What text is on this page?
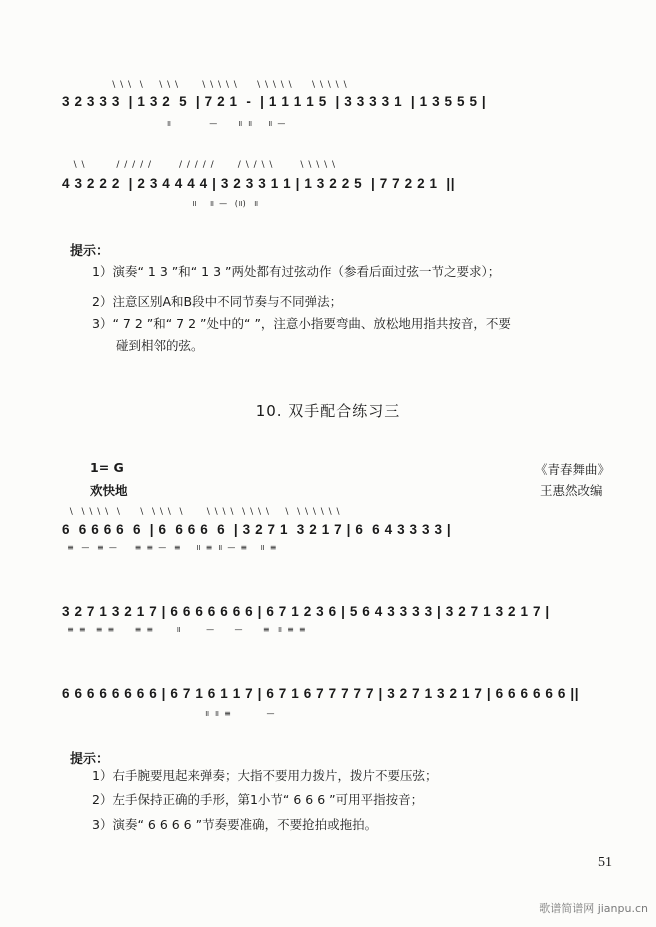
\ \ \  \    \ \ \      \ \ \ \ \     \ \ \ \ \     \ \ \ \ \
3 2 3 3 3  | 1 3 2  5  | 7 2 1  -  | 1 1 1 1 5  | 3 3 3 3 1  | 1 3 5 5 5 |
॥               —        ॥  ॥      ॥  —
\ \        / / / / /       / / / / /      / \ / \ \       \ \ \ \ \
4 3 2 2 2  | 2 3 4 4 4 4 | 3 2 3 3 1 1 | 1 3 2 2 5  | 7 7 2 2 1  ||
॥     ॥  —   (॥)   ॥
提示：
1）演奏“ 1 3 ”和“ 1 3 ”两处都有过弦动作（参看后面过弦一节之要求）；
2）注意区别A和B段中不同节奏与不同弹法；
3）“ 7 2 ”和“ 7 2 ”处中的“ ”，注意小指要弯曲、放松地用指共按音，不要
碰到相邻的弦。
10. 双手配合练习三
1= G	《青春舞曲》
欢快地	王惠然改编
\  \ \ \ \  \     \  \ \ \  \      \ \ \ \  \ \ \ \    \  \ \ \ \ \ \
6  6 6 6 6  6  | 6  6 6 6  6  | 3 2 7 1  3 2 1 7 | 6  6 4 3 3 3 3 |
≡   —   ≡  —       ≡  ≡  —   ≡      ॥  ≡  ॥  —  ≡     ॥  ≡
3 2 7 1 3 2 1 7 | 6 6 6 6 6 6 6 | 6 7 1 2 3 6 | 5 6 4 3 3 3 3 | 3 2 7 1 3 2 1 7 |
≡  ≡    ≡  ≡        ≡  ≡         ॥          —        —        ≡   ॥  ≡  ≡
6 6 6 6 6 6 6 6 | 6 7 1 6 1 1 7 | 6 7 1 6 7 7 7 7 7 | 3 2 7 1 3 2 1 7 | 6 6 6 6 6 6 ||
॥  ॥  ≡              —
提示：
1）右手腕要甩起来弹奏；大指不要用力拨片，拨片不要压弦；
2）左手保持正确的手形，第1小节“ 6 6 6 ”可用平指按音；
3）演奏“ 6 6 6 6 ”节奏要准确，不要抢拍或拖拍。
51
歌谱简谱网 jianpu.cn
